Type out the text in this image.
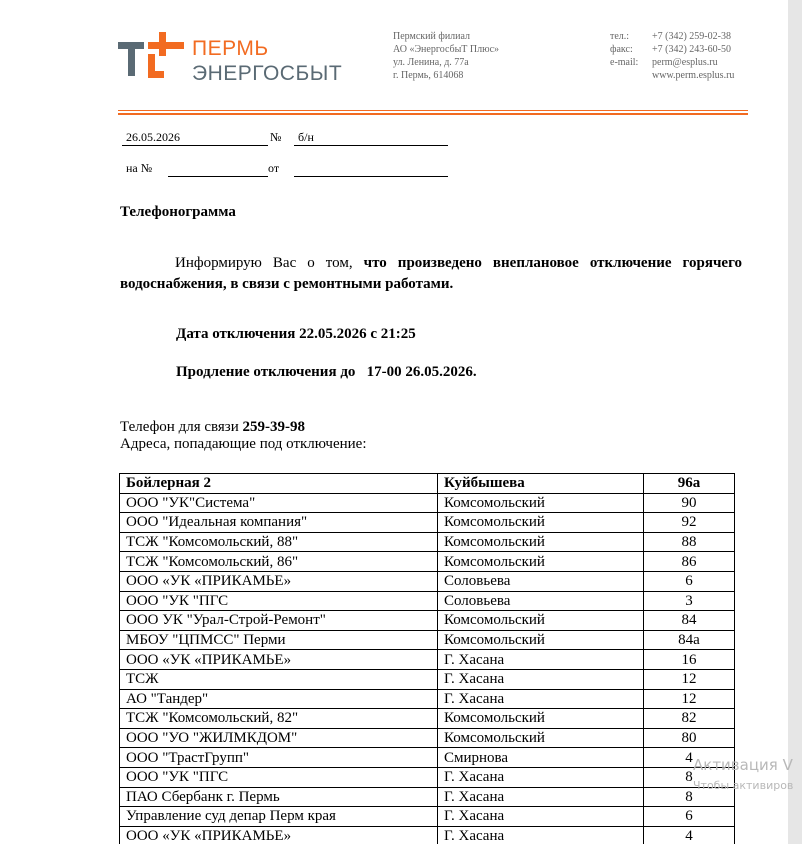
ПЕРМЬ
ЭНЕРГОСБЫТ
Пермский филиал
АО «ЭнергосбыТ Плюс»
ул. Ленина, д. 77а
г. Пермь, 614068
тел.:	+7 (342) 259-02-38
факс:	+7 (342) 243-60-50
e-mail:	perm@esplus.ru
www.perm.esplus.ru
26.05.2026	№ б/н
на №	от
Телефонограмма
Информирую Вас о том, что произведено внеплановое отключение горячего водоснабжения, в связи с ремонтными работами.
Дата отключения 22.05.2026 с 21:25
Продление отключения до   17-00 26.05.2026.
Телефон для связи 259-39-98
Адреса, попадающие под отключение:
Бойлерная 2	Куйбышева	96а
ООО "УК"Система"	Комсомольский	90
ООО "Идеальная компания"	Комсомольский	92
ТСЖ "Комсомольский, 88"	Комсомольский	88
ТСЖ "Комсомольский, 86"	Комсомольский	86
ООО «УК «ПРИКАМЬЕ»	Соловьева	6
ООО "УК "ПГС	Соловьева	3
ООО УК "Урал-Строй-Ремонт"	Комсомольский	84
МБОУ "ЦПМСС" Перми	Комсомольский	84а
ООО «УК «ПРИКАМЬЕ»	Г. Хасана	16
ТСЖ	Г. Хасана	12
АО "Тандер"	Г. Хасана	12
ТСЖ "Комсомольский, 82"	Комсомольский	82
ООО "УО "ЖИЛМКДОМ"	Комсомольский	80
ООО "ТрастГрупп"	Смирнова	4
ООО "УК "ПГС	Г. Хасана	8
ПАО Сбербанк г. Пермь	Г. Хасана	8
Управление суд депар Перм края	Г. Хасана	6
ООО «УК «ПРИКАМЬЕ»	Г. Хасана	4
Активация V
Чтобы активиров
